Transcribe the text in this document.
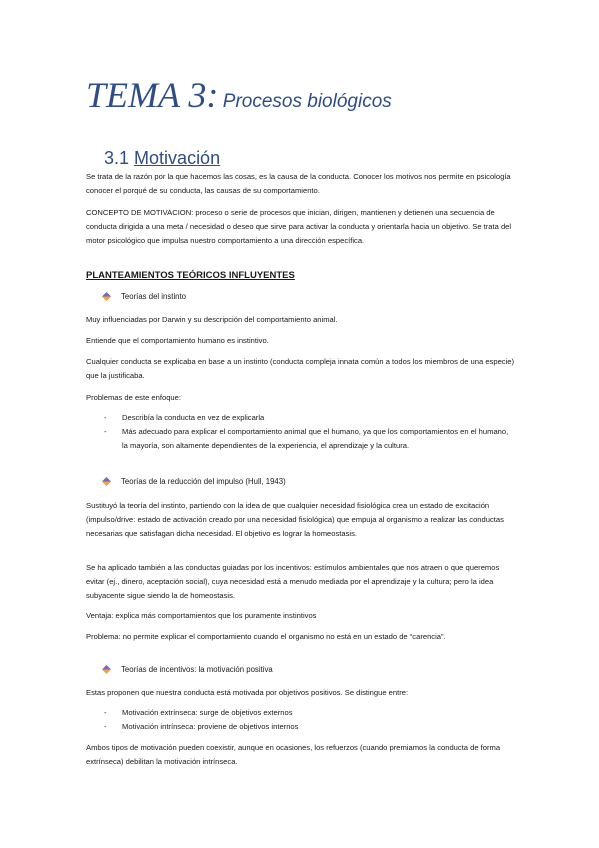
TEMA 3: Procesos biológicos
3.1 Motivación

Se trata de la razón por la que hacemos las cosas, es la causa de la conducta. Conocer los motivos nos permite en psicología conocer el porqué de su conducta, las causas de su comportamiento.

CONCEPTO DE MOTIVACION: proceso o serie de procesos que inician, dirigen, mantienen y detienen una secuencia de conducta dirigida a una meta / necesidad o deseo que sirve para activar la conducta y orientarla hacia un objetivo. Se trata del motor psicológico que impulsa nuestro comportamiento a una dirección específica.

PLANTEAMIENTOS TEÓRICOS INFLUYENTES
Teorías del instinto

Muy influenciadas por Darwin y su descripción del comportamiento animal.

Entiende que el comportamiento humano es instintivo.

Cualquier conducta se explicaba en base a un instinto (conducta compleja innata común a todos los miembros de una especie) que la justificaba.

Problemas de este enfoque:

- Describía la conducta en vez de explicarla

- Más adecuado para explicar el comportamiento animal que el humano, ya que los comportamientos en el humano, la mayoría, son altamente dependientes de la experiencia, el aprendizaje y la cultura.

Teorías de la reducción del impulso (Hull, 1943)

Sustituyó la teoría del instinto, partiendo con la idea de que cualquier necesidad fisiológica crea un estado de excitación (impulso/drive: estado de activación creado por una necesidad fisiológica) que empuja al organismo a realizar las conductas necesarias que satisfagan dicha necesidad. El objetivo es lograr la homeostasis.

Se ha aplicado también a las conductas guiadas por los incentivos: estímulos ambientales que nos atraen o que queremos evitar (ej., dinero, aceptación social), cuya necesidad está a menudo mediada por el aprendizaje y la cultura; pero la idea subyacente sigue siendo la de homeostasis.

Ventaja: explica más comportamientos que los puramente instintivos

Problema: no permite explicar el comportamiento cuando el organismo no está en un estado de “carencia”.

Teorías de incentivos: la motivación positiva

Estas proponen que nuestra conducta está motivada por objetivos positivos. Se distingue entre:

- Motivación extrínseca: surge de objetivos externos

- Motivación intrínseca: proviene de objetivos internos

Ambos tipos de motivación pueden coexistir, aunque en ocasiones, los refuerzos (cuando premiamos la conducta de forma extrínseca) debilitan la motivación intrínseca.
